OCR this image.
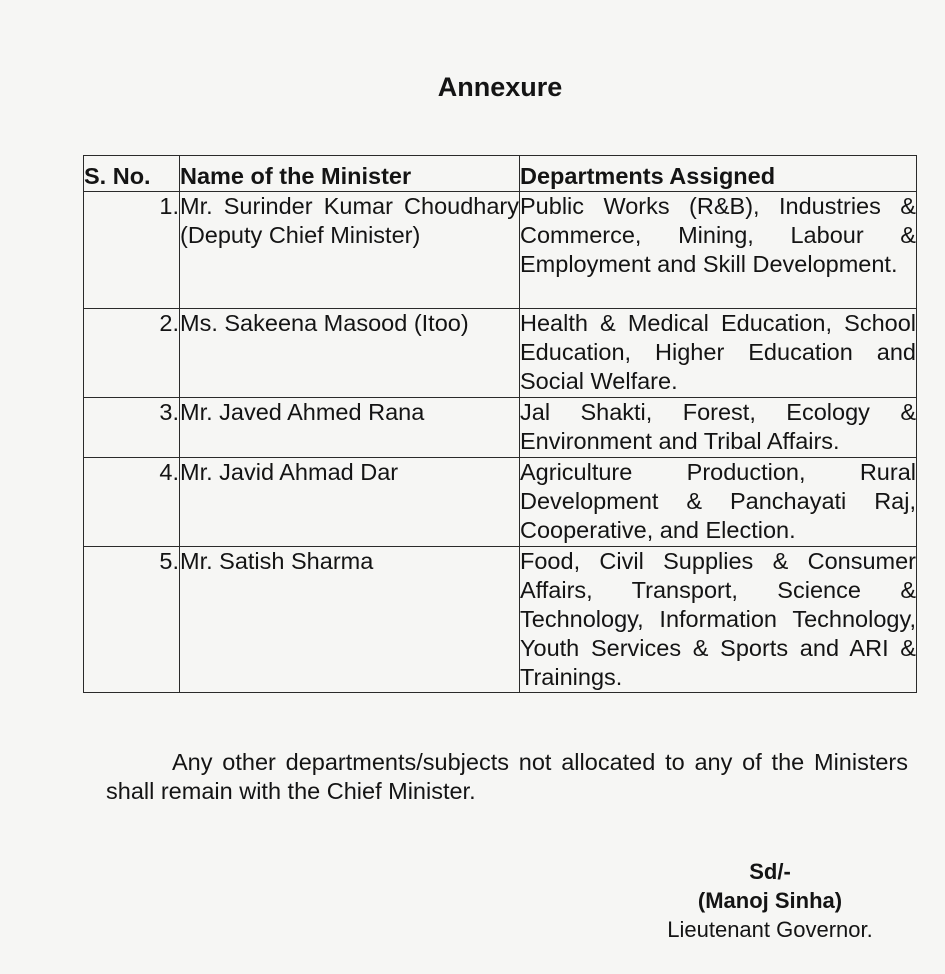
Annexure
S. No.	Name of the Minister	Departments Assigned
1.	Mr. Surinder Kumar Choudhary (Deputy Chief Minister)	Public Works (R&B), Industries & Commerce, Mining, Labour & Employment and Skill Development.
2.	Ms. Sakeena Masood (Itoo)	Health & Medical Education, School Education, Higher Education and Social Welfare.
3.	Mr. Javed Ahmed Rana	Jal Shakti, Forest, Ecology & Environment and Tribal Affairs.
4.	Mr. Javid Ahmad Dar	Agriculture Production, Rural Development & Panchayati Raj, Cooperative, and Election.
5.	Mr. Satish Sharma	Food, Civil Supplies & Consumer Affairs, Transport, Science & Technology, Information Technology, Youth Services & Sports and ARI & Trainings.
Any other departments/subjects not allocated to any of the Ministers shall remain with the Chief Minister.
Sd/-
(Manoj Sinha)
Lieutenant Governor.
